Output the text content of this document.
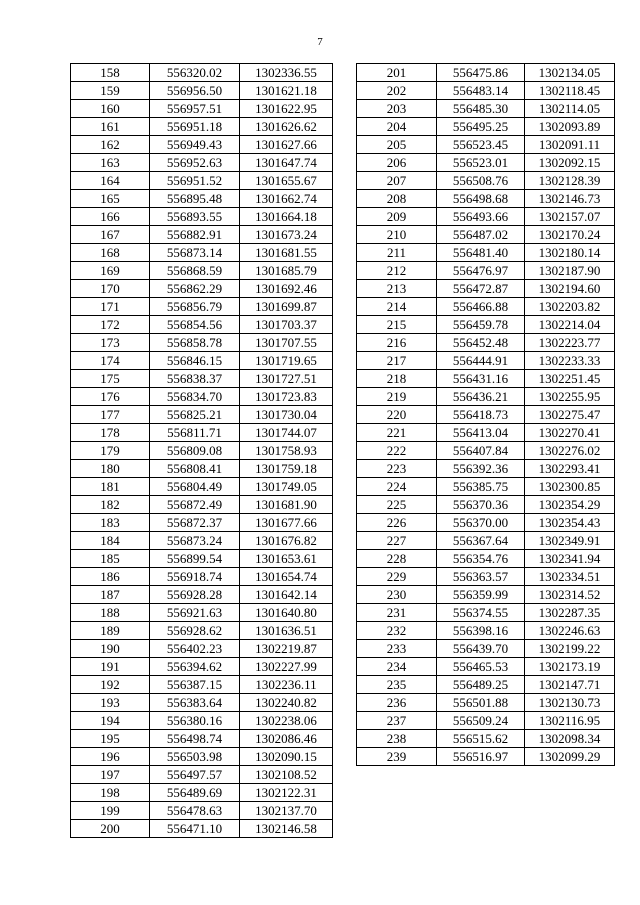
7
158	556320.02	1302336.55
159	556956.50	1301621.18
160	556957.51	1301622.95
161	556951.18	1301626.62
162	556949.43	1301627.66
163	556952.63	1301647.74
164	556951.52	1301655.67
165	556895.48	1301662.74
166	556893.55	1301664.18
167	556882.91	1301673.24
168	556873.14	1301681.55
169	556868.59	1301685.79
170	556862.29	1301692.46
171	556856.79	1301699.87
172	556854.56	1301703.37
173	556858.78	1301707.55
174	556846.15	1301719.65
175	556838.37	1301727.51
176	556834.70	1301723.83
177	556825.21	1301730.04
178	556811.71	1301744.07
179	556809.08	1301758.93
180	556808.41	1301759.18
181	556804.49	1301749.05
182	556872.49	1301681.90
183	556872.37	1301677.66
184	556873.24	1301676.82
185	556899.54	1301653.61
186	556918.74	1301654.74
187	556928.28	1301642.14
188	556921.63	1301640.80
189	556928.62	1301636.51
190	556402.23	1302219.87
191	556394.62	1302227.99
192	556387.15	1302236.11
193	556383.64	1302240.82
194	556380.16	1302238.06
195	556498.74	1302086.46
196	556503.98	1302090.15
197	556497.57	1302108.52
198	556489.69	1302122.31
199	556478.63	1302137.70
200	556471.10	1302146.58
201	556475.86	1302134.05
202	556483.14	1302118.45
203	556485.30	1302114.05
204	556495.25	1302093.89
205	556523.45	1302091.11
206	556523.01	1302092.15
207	556508.76	1302128.39
208	556498.68	1302146.73
209	556493.66	1302157.07
210	556487.02	1302170.24
211	556481.40	1302180.14
212	556476.97	1302187.90
213	556472.87	1302194.60
214	556466.88	1302203.82
215	556459.78	1302214.04
216	556452.48	1302223.77
217	556444.91	1302233.33
218	556431.16	1302251.45
219	556436.21	1302255.95
220	556418.73	1302275.47
221	556413.04	1302270.41
222	556407.84	1302276.02
223	556392.36	1302293.41
224	556385.75	1302300.85
225	556370.36	1302354.29
226	556370.00	1302354.43
227	556367.64	1302349.91
228	556354.76	1302341.94
229	556363.57	1302334.51
230	556359.99	1302314.52
231	556374.55	1302287.35
232	556398.16	1302246.63
233	556439.70	1302199.22
234	556465.53	1302173.19
235	556489.25	1302147.71
236	556501.88	1302130.73
237	556509.24	1302116.95
238	556515.62	1302098.34
239	556516.97	1302099.29
